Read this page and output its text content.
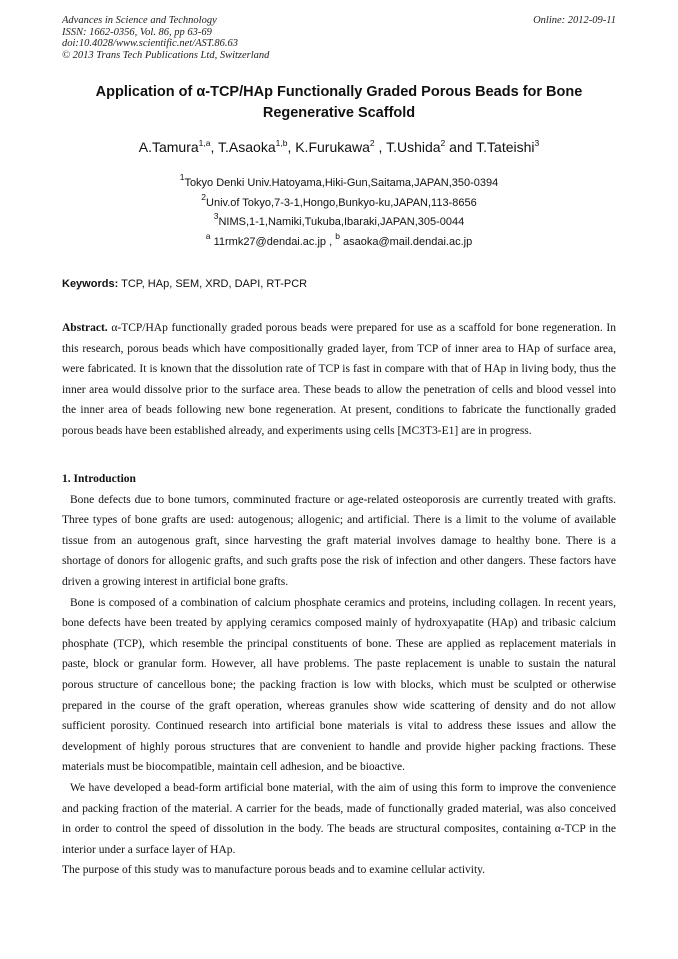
Advances in Science and Technology
ISSN: 1662-0356, Vol. 86, pp 63-69
doi:10.4028/www.scientific.net/AST.86.63
© 2013 Trans Tech Publications Ltd, Switzerland
Online: 2012-09-11
Application of α-TCP/HAp Functionally Graded Porous Beads for Bone Regenerative Scaffold
A.Tamura$^{1,a}$, T.Asaoka$^{1,b}$, K.Furukawa$^2$ , T.Ushida$^2$ and T.Tateishi$^3$
$^1$Tokyo Denki Univ.Hatoyama,Hiki-Gun,Saitama,JAPAN,350-0394
$^2$Univ.of Tokyo,7-3-1,Hongo,Bunkyo-ku,JAPAN,113-8656
$^3$NIMS,1-1,Namiki,Tukuba,Ibaraki,JAPAN,305-0044
$^a$ 11rmk27@dendai.ac.jp , $^b$ asaoka@mail.dendai.ac.jp
Keywords: TCP, HAp, SEM, XRD, DAPI, RT-PCR

Abstract. α-TCP/HAp functionally graded porous beads were prepared for use as a scaffold for bone regeneration. In this research, porous beads which have compositionally graded layer, from TCP of inner area to HAp of surface area, were fabricated. It is known that the dissolution rate of TCP is fast in compare with that of HAp in living body, thus the inner area would dissolve prior to the surface area. These beads to allow the penetration of cells and blood vessel into the inner area of beads following new bone regeneration. At present, conditions to fabricate the functionally graded porous beads have been established already, and experiments using cells [MC3T3-E1] are in progress.

1. Introduction

Bone defects due to bone tumors, comminuted fracture or age-related osteoporosis are currently treated with grafts. Three types of bone grafts are used: autogenous; allogenic; and artificial. There is a limit to the volume of available tissue from an autogenous graft, since harvesting the graft material involves damage to healthy bone. There is a shortage of donors for allogenic grafts, and such grafts pose the risk of infection and other dangers. These factors have driven a growing interest in artificial bone grafts.

Bone is composed of a combination of calcium phosphate ceramics and proteins, including collagen. In recent years, bone defects have been treated by applying ceramics composed mainly of hydroxyapatite (HAp) and tribasic calcium phosphate (TCP), which resemble the principal constituents of bone. These are applied as replacement materials in paste, block or granular form. However, all have problems. The paste replacement is unable to sustain the natural porous structure of cancellous bone; the packing fraction is low with blocks, which must be sculpted or otherwise prepared in the course of the graft operation, whereas granules show wide scattering of density and do not allow sufficient porosity. Continued research into artificial bone materials is vital to address these issues and allow the development of highly porous structures that are convenient to handle and provide higher packing fractions. These materials must be biocompatible, maintain cell adhesion, and be bioactive.

We have developed a bead-form artificial bone material, with the aim of using this form to improve the convenience and packing fraction of the material. A carrier for the beads, made of functionally graded material, was also conceived in order to control the speed of dissolution in the body. The beads are structural composites, containing α-TCP in the interior under a surface layer of HAp.

The purpose of this study was to manufacture porous beads and to examine cellular activity.
